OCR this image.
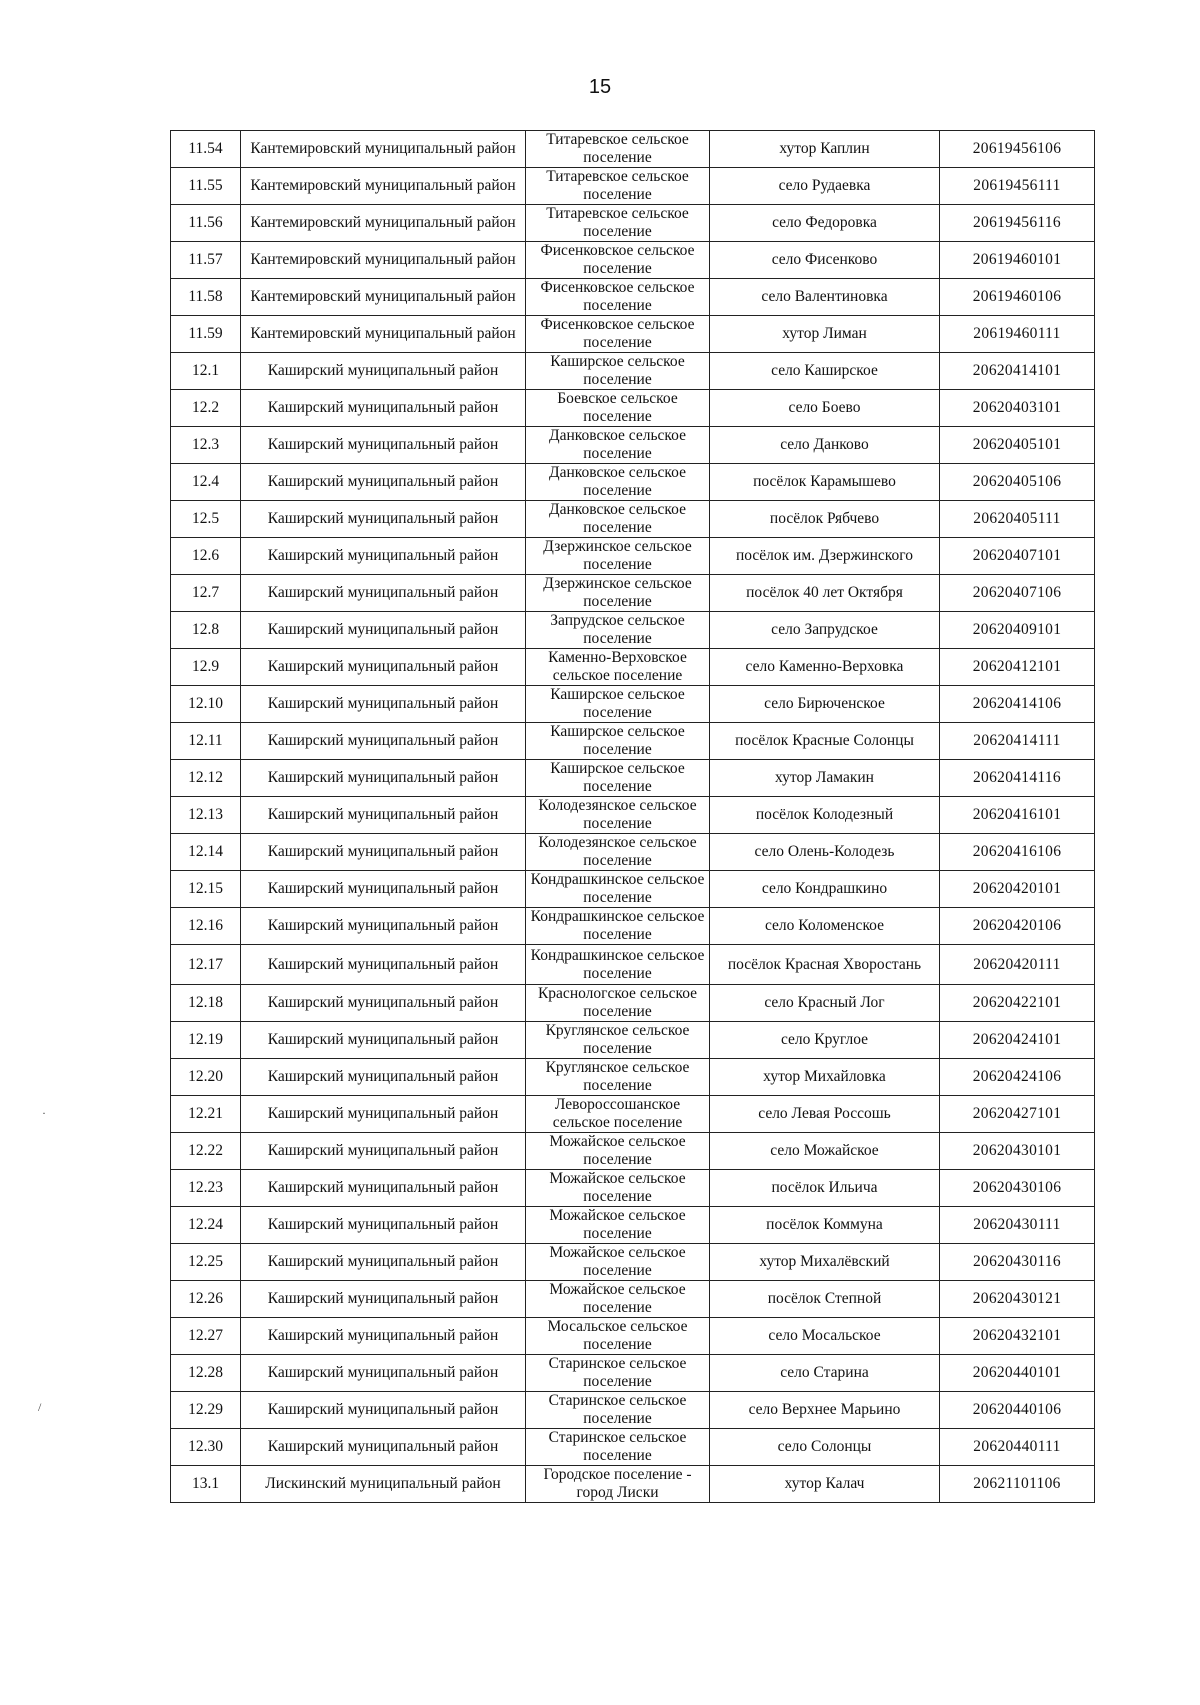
15
11.54	Кантемировский муниципальный район	Титаревское сельское поселение	хутор Каплин	20619456106
11.55	Кантемировский муниципальный район	Титаревское сельское поселение	село Рудаевка	20619456111
11.56	Кантемировский муниципальный район	Титаревское сельское поселение	село Федоровка	20619456116
11.57	Кантемировский муниципальный район	Фисенковское сельское поселение	село Фисенково	20619460101
11.58	Кантемировский муниципальный район	Фисенковское сельское поселение	село Валентиновка	20619460106
11.59	Кантемировский муниципальный район	Фисенковское сельское поселение	хутор Лиман	20619460111
12.1	Каширский муниципальный район	Каширское сельское поселение	село Каширское	20620414101
12.2	Каширский муниципальный район	Боевское сельское поселение	село Боево	20620403101
12.3	Каширский муниципальный район	Данковское сельское поселение	село Данково	20620405101
12.4	Каширский муниципальный район	Данковское сельское поселение	посёлок Карамышево	20620405106
12.5	Каширский муниципальный район	Данковское сельское поселение	посёлок Рябчево	20620405111
12.6	Каширский муниципальный район	Дзержинское сельское поселение	посёлок им. Дзержинского	20620407101
12.7	Каширский муниципальный район	Дзержинское сельское поселение	посёлок 40 лет Октября	20620407106
12.8	Каширский муниципальный район	Запрудское сельское поселение	село Запрудское	20620409101
12.9	Каширский муниципальный район	Каменно-Верховское сельское поселение	село Каменно-Верховка	20620412101
12.10	Каширский муниципальный район	Каширское сельское поселение	село Бирюченское	20620414106
12.11	Каширский муниципальный район	Каширское сельское поселение	посёлок Красные Солонцы	20620414111
12.12	Каширский муниципальный район	Каширское сельское поселение	хутор Ламакин	20620414116
12.13	Каширский муниципальный район	Колодезянское сельское поселение	посёлок Колодезный	20620416101
12.14	Каширский муниципальный район	Колодезянское сельское поселение	село Олень-Колодезь	20620416106
12.15	Каширский муниципальный район	Кондрашкинское сельское поселение	село Кондрашкино	20620420101
12.16	Каширский муниципальный район	Кондрашкинское сельское поселение	село Коломенское	20620420106
12.17	Каширский муниципальный район	Кондрашкинское сельское поселение	посёлок Красная Хворостань	20620420111
12.18	Каширский муниципальный район	Краснологское сельское поселение	село Красный Лог	20620422101
12.19	Каширский муниципальный район	Круглянское сельское поселение	село Круглое	20620424101
12.20	Каширский муниципальный район	Круглянское сельское поселение	хутор Михайловка	20620424106
12.21	Каширский муниципальный район	Левороссошанское сельское поселение	село Левая Россошь	20620427101
12.22	Каширский муниципальный район	Можайское сельское поселение	село Можайское	20620430101
12.23	Каширский муниципальный район	Можайское сельское поселение	посёлок Ильича	20620430106
12.24	Каширский муниципальный район	Можайское сельское поселение	посёлок Коммуна	20620430111
12.25	Каширский муниципальный район	Можайское сельское поселение	хутор Михалёвский	20620430116
12.26	Каширский муниципальный район	Можайское сельское поселение	посёлок Степной	20620430121
12.27	Каширский муниципальный район	Мосальское сельское поселение	село Мосальское	20620432101
12.28	Каширский муниципальный район	Старинское сельское поселение	село Старина	20620440101
12.29	Каширский муниципальный район	Старинское сельское поселение	село Верхнее Марьино	20620440106
12.30	Каширский муниципальный район	Старинское сельское поселение	село Солонцы	20620440111
13.1	Лискинский муниципальный район	Городское поселение - город Лиски	хутор Калач	20621101106
·
/
